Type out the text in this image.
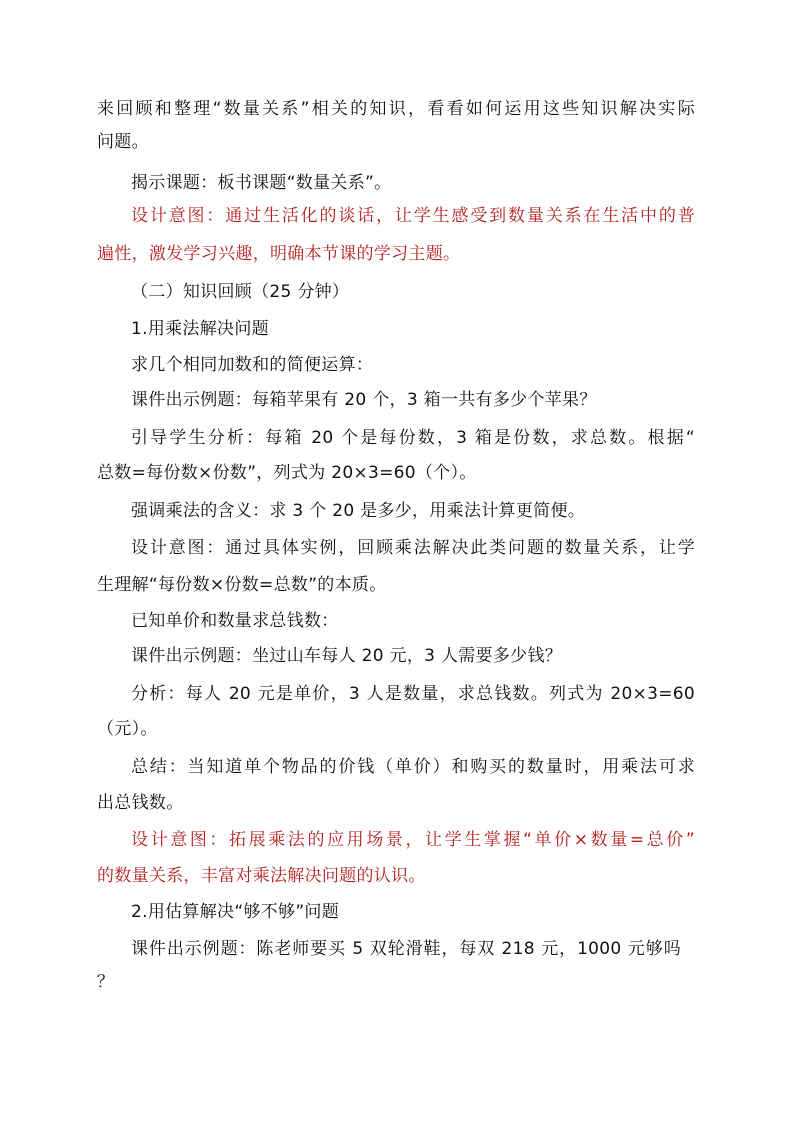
来回顾和整理“数量关系”相关的知识，看看如何运用这些知识解决实际
问题。
揭示课题：板书课题“数量关系”。
设计意图：通过生活化的谈话，让学生感受到数量关系在生活中的普
遍性，激发学习兴趣，明确本节课的学习主题。
（二）知识回顾（25 分钟）
1.用乘法解决问题
求几个相同加数和的简便运算：
课件出示例题：每箱苹果有 20 个，3 箱一共有多少个苹果？
引导学生分析：每箱 20 个是每份数，3 箱是份数，求总数。根据“
总数=每份数×份数”，列式为 20×3=60（个）。
强调乘法的含义：求 3 个 20 是多少，用乘法计算更简便。
设计意图：通过具体实例，回顾乘法解决此类问题的数量关系，让学
生理解“每份数×份数=总数”的本质。
已知单价和数量求总钱数：
课件出示例题：坐过山车每人 20 元，3 人需要多少钱？
分析：每人 20 元是单价，3 人是数量，求总钱数。列式为 20×3=60
（元）。
总结：当知道单个物品的价钱（单价）和购买的数量时，用乘法可求
出总钱数。
设计意图：拓展乘法的应用场景，让学生掌握“单价×数量=总价”
的数量关系，丰富对乘法解决问题的认识。
2.用估算解决“够不够”问题
课件出示例题：陈老师要买 5 双轮滑鞋，每双 218 元，1000 元够吗
？
